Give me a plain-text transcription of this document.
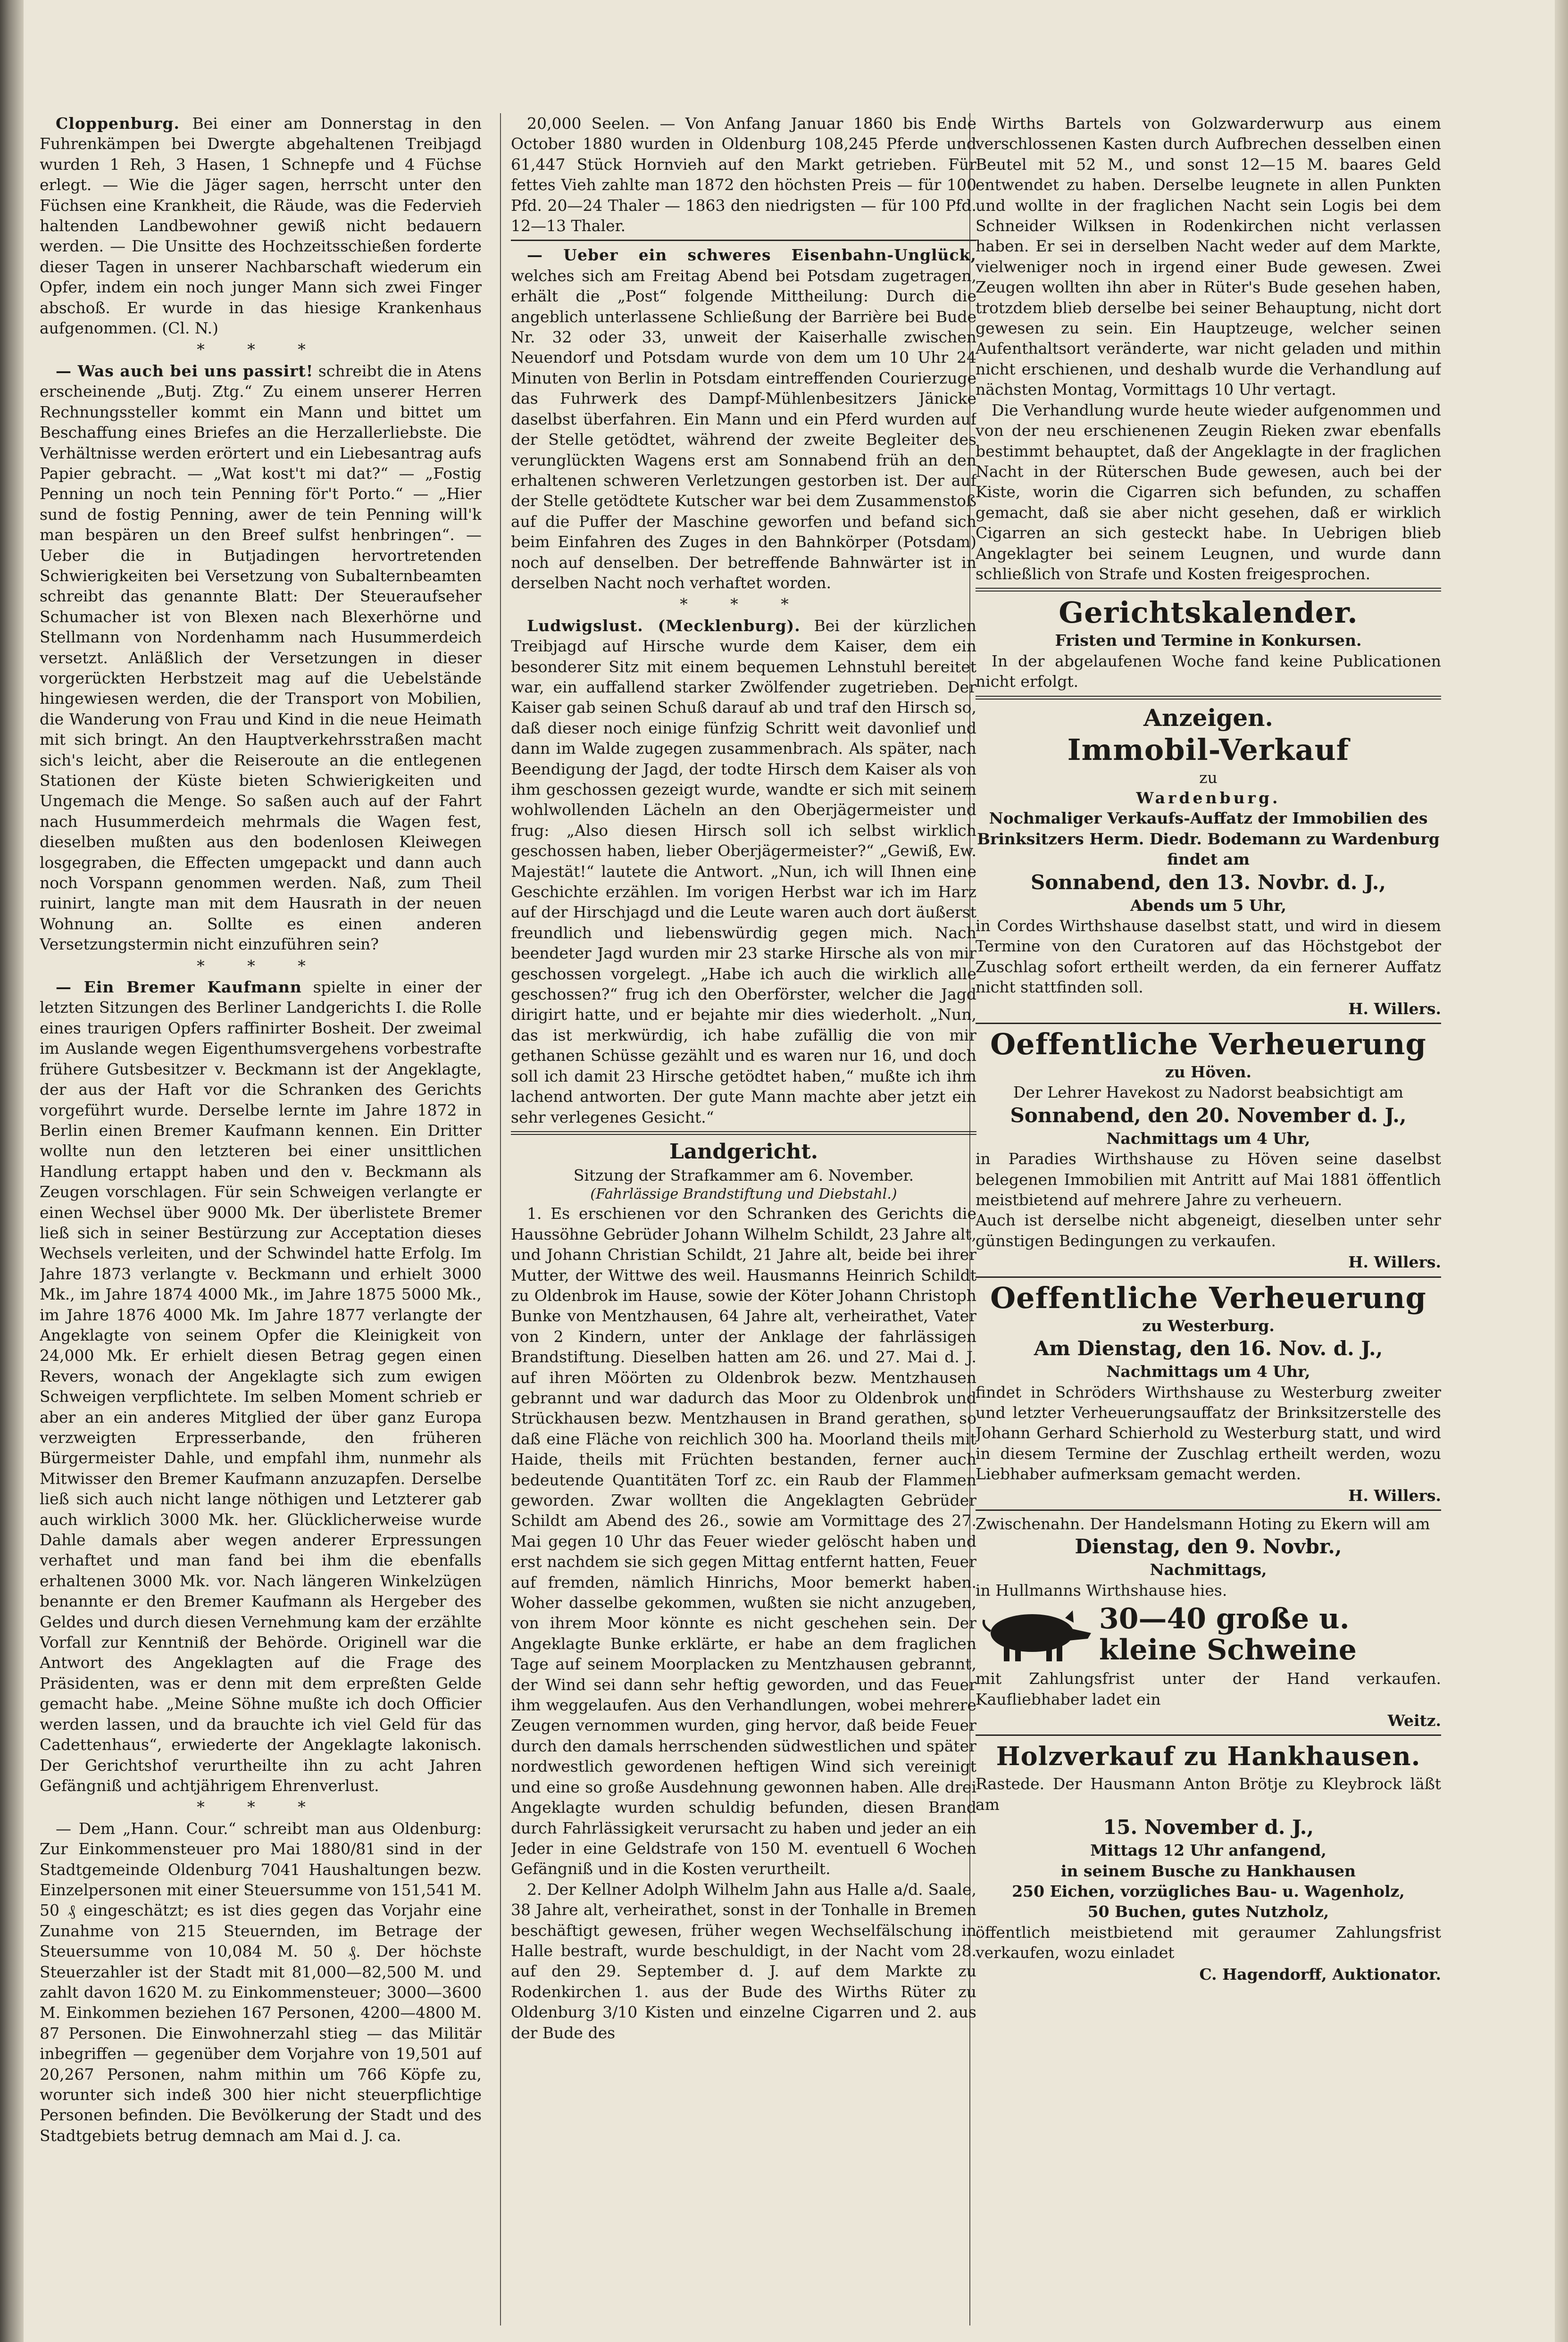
Cloppenburg. Bei einer am Donnerstag in den Fuhrenkämpen bei Dwergte abgehaltenen Treibjagd wurden 1 Reh, 3 Hasen, 1 Schnepfe und 4 Füchse erlegt. — Wie die Jäger sagen, herrscht unter den Füchsen eine Krankheit, die Räude, was die Federvieh haltenden Landbewohner gewiß nicht bedauern werden. — Die Unsitte des Hochzeitsschießen forderte dieser Tagen in unserer Nachbarschaft wiederum ein Opfer, indem ein noch junger Mann sich zwei Finger abschoß. Er wurde in das hiesige Krankenhaus aufgenommen. (Cl. N.)

* * *

— Was auch bei uns passirt! schreibt die in Atens erscheinende „Butj. Ztg.“ Zu einem unserer Herren Rechnungssteller kommt ein Mann und bittet um Beschaffung eines Briefes an die Herzallerliebste. Die Verhältnisse werden erörtert und ein Liebesantrag aufs Papier gebracht. — „Wat kost't mi dat?“ — „Fostig Penning un noch tein Penning för't Porto.“ — „Hier sund de fostig Penning, awer de tein Penning will'k man bespären un den Breef sulfst henbringen“. — Ueber die in Butjadingen hervortretenden Schwierigkeiten bei Versetzung von Subalternbeamten schreibt das genannte Blatt: Der Steueraufseher Schumacher ist von Blexen nach Blexerhörne und Stellmann von Nordenhamm nach Husummerdeich versetzt. Anläßlich der Versetzungen in dieser vorgerückten Herbstzeit mag auf die Uebelstände hingewiesen werden, die der Transport von Mobilien, die Wanderung von Frau und Kind in die neue Heimath mit sich bringt. An den Hauptverkehrsstraßen macht sich's leicht, aber die Reiseroute an die entlegenen Stationen der Küste bieten Schwierigkeiten und Ungemach die Menge. So saßen auch auf der Fahrt nach Husummerdeich mehrmals die Wagen fest, dieselben mußten aus den bodenlosen Kleiwegen losgegraben, die Effecten umgepackt und dann auch noch Vorspann genommen werden. Naß, zum Theil ruinirt, langte man mit dem Hausrath in der neuen Wohnung an. Sollte es einen anderen Versetzungstermin nicht einzuführen sein?

* * *

— Ein Bremer Kaufmann spielte in einer der letzten Sitzungen des Berliner Landgerichts I. die Rolle eines traurigen Opfers raffinirter Bosheit. Der zweimal im Auslande wegen Eigenthumsvergehens vorbestrafte frühere Gutsbesitzer v. Beckmann ist der Angeklagte, der aus der Haft vor die Schranken des Gerichts vorgeführt wurde. Derselbe lernte im Jahre 1872 in Berlin einen Bremer Kaufmann kennen. Ein Dritter wollte nun den letzteren bei einer unsittlichen Handlung ertappt haben und den v. Beckmann als Zeugen vorschlagen. Für sein Schweigen verlangte er einen Wechsel über 9000 Mk. Der überlistete Bremer ließ sich in seiner Bestürzung zur Acceptation dieses Wechsels verleiten, und der Schwindel hatte Erfolg. Im Jahre 1873 verlangte v. Beckmann und erhielt 3000 Mk., im Jahre 1874 4000 Mk., im Jahre 1875 5000 Mk., im Jahre 1876 4000 Mk. Im Jahre 1877 verlangte der Angeklagte von seinem Opfer die Kleinigkeit von 24,000 Mk. Er erhielt diesen Betrag gegen einen Revers, wonach der Angeklagte sich zum ewigen Schweigen verpflichtete. Im selben Moment schrieb er aber an ein anderes Mitglied der über ganz Europa verzweigten Erpresserbande, den früheren Bürgermeister Dahle, und empfahl ihm, nunmehr als Mitwisser den Bremer Kaufmann anzuzapfen. Derselbe ließ sich auch nicht lange nöthigen und Letzterer gab auch wirklich 3000 Mk. her. Glücklicherweise wurde Dahle damals aber wegen anderer Erpressungen verhaftet und man fand bei ihm die ebenfalls erhaltenen 3000 Mk. vor. Nach längeren Winkelzügen benannte er den Bremer Kaufmann als Hergeber des Geldes und durch diesen Vernehmung kam der erzählte Vorfall zur Kenntniß der Behörde. Originell war die Antwort des Angeklagten auf die Frage des Präsidenten, was er denn mit dem erpreßten Gelde gemacht habe. „Meine Söhne mußte ich doch Officier werden lassen, und da brauchte ich viel Geld für das Cadettenhaus“, erwiederte der Angeklagte lakonisch. Der Gerichtshof verurtheilte ihn zu acht Jahren Gefängniß und achtjährigem Ehrenverlust.

* * *

— Dem „Hann. Cour.“ schreibt man aus Oldenburg: Zur Einkommensteuer pro Mai 1880/81 sind in der Stadtgemeinde Oldenburg 7041 Haushaltungen bezw. Einzelpersonen mit einer Steuersumme von 151,541 M. 50 ₰ eingeschätzt; es ist dies gegen das Vorjahr eine Zunahme von 215 Steuernden, im Betrage der Steuersumme von 10,084 M. 50 ₰. Der höchste Steuerzahler ist der Stadt mit 81,000—82,500 M. und zahlt davon 1620 M. zu Einkommensteuer; 3000—3600 M. Einkommen beziehen 167 Personen, 4200—4800 M. 87 Personen. Die Einwohnerzahl stieg — das Militär inbegriffen — gegenüber dem Vorjahre von 19,501 auf 20,267 Personen, nahm mithin um 766 Köpfe zu, worunter sich indeß 300 hier nicht steuerpflichtige Personen befinden. Die Bevölkerung der Stadt und des Stadtgebiets betrug demnach am Mai d. J. ca.

20,000 Seelen. — Von Anfang Januar 1860 bis Ende October 1880 wurden in Oldenburg 108,245 Pferde und 61,447 Stück Hornvieh auf den Markt getrieben. Für fettes Vieh zahlte man 1872 den höchsten Preis — für 100 Pfd. 20—24 Thaler — 1863 den niedrigsten — für 100 Pfd. 12—13 Thaler.

— Ueber ein schweres Eisenbahn-Unglück, welches sich am Freitag Abend bei Potsdam zugetragen, erhält die „Post“ folgende Mittheilung: Durch die angeblich unterlassene Schließung der Barrière bei Bude Nr. 32 oder 33, unweit der Kaiserhalle zwischen Neuendorf und Potsdam wurde von dem um 10 Uhr 24 Minuten von Berlin in Potsdam eintreffenden Courierzuge das Fuhrwerk des Dampf-Mühlenbesitzers Jänicke daselbst überfahren. Ein Mann und ein Pferd wurden auf der Stelle getödtet, während der zweite Begleiter des verunglückten Wagens erst am Sonnabend früh an den erhaltenen schweren Verletzungen gestorben ist. Der auf der Stelle getödtete Kutscher war bei dem Zusammenstoß auf die Puffer der Maschine geworfen und befand sich beim Einfahren des Zuges in den Bahnkörper (Potsdam) noch auf denselben. Der betreffende Bahnwärter ist in derselben Nacht noch verhaftet worden.

* * *

Ludwigslust. (Mecklenburg). Bei der kürzlichen Treibjagd auf Hirsche wurde dem Kaiser, dem ein besonderer Sitz mit einem bequemen Lehnstuhl bereitet war, ein auffallend starker Zwölfender zugetrieben. Der Kaiser gab seinen Schuß darauf ab und traf den Hirsch so, daß dieser noch einige fünfzig Schritt weit davonlief und dann im Walde zugegen zusammenbrach. Als später, nach Beendigung der Jagd, der todte Hirsch dem Kaiser als von ihm geschossen gezeigt wurde, wandte er sich mit seinem wohlwollenden Lächeln an den Oberjägermeister und frug: „Also diesen Hirsch soll ich selbst wirklich geschossen haben, lieber Oberjägermeister?“ „Gewiß, Ew. Majestät!“ lautete die Antwort. „Nun, ich will Ihnen eine Geschichte erzählen. Im vorigen Herbst war ich im Harz auf der Hirschjagd und die Leute waren auch dort äußerst freundlich und liebenswürdig gegen mich. Nach beendeter Jagd wurden mir 23 starke Hirsche als von mir geschossen vorgelegt. „Habe ich auch die wirklich alle geschossen?“ frug ich den Oberförster, welcher die Jagd dirigirt hatte, und er bejahte mir dies wiederholt. „Nun, das ist merkwürdig, ich habe zufällig die von mir gethanen Schüsse gezählt und es waren nur 16, und doch soll ich damit 23 Hirsche getödtet haben,“ mußte ich ihm lachend antworten. Der gute Mann machte aber jetzt ein sehr verlegenes Gesicht.“

Landgericht.
Sitzung der Strafkammer am 6. November.
(Fahrlässige Brandstiftung und Diebstahl.)

1. Es erschienen vor den Schranken des Gerichts die Haussöhne Gebrüder Johann Wilhelm Schildt, 23 Jahre alt, und Johann Christian Schildt, 21 Jahre alt, beide bei ihrer Mutter, der Wittwe des weil. Hausmanns Heinrich Schildt zu Oldenbrok im Hause, sowie der Köter Johann Christoph Bunke von Mentzhausen, 64 Jahre alt, verheirathet, Vater von 2 Kindern, unter der Anklage der fahrlässigen Brandstiftung. Dieselben hatten am 26. und 27. Mai d. J. auf ihren Möörten zu Oldenbrok bezw. Mentzhausen gebrannt und war dadurch das Moor zu Oldenbrok und Strückhausen bezw. Mentzhausen in Brand gerathen, so daß eine Fläche von reichlich 300 ha. Moorland theils mit Haide, theils mit Früchten bestanden, ferner auch bedeutende Quantitäten Torf zc. ein Raub der Flammen geworden. Zwar wollten die Angeklagten Gebrüder Schildt am Abend des 26., sowie am Vormittage des 27. Mai gegen 10 Uhr das Feuer wieder gelöscht haben und erst nachdem sie sich gegen Mittag entfernt hatten, Feuer auf fremden, nämlich Hinrichs, Moor bemerkt haben. Woher dasselbe gekommen, wußten sie nicht anzugeben, von ihrem Moor könnte es nicht geschehen sein. Der Angeklagte Bunke erklärte, er habe an dem fraglichen Tage auf seinem Moorplacken zu Mentzhausen gebrannt, der Wind sei dann sehr heftig geworden, und das Feuer ihm weggelaufen. Aus den Verhandlungen, wobei mehrere Zeugen vernommen wurden, ging hervor, daß beide Feuer durch den damals herrschenden südwestlichen und später nordwestlich gewordenen heftigen Wind sich vereinigt und eine so große Ausdehnung gewonnen haben. Alle drei Angeklagte wurden schuldig befunden, diesen Brand durch Fahrlässigkeit verursacht zu haben und jeder an ein Jeder in eine Geldstrafe von 150 M. eventuell 6 Wochen Gefängniß und in die Kosten verurtheilt.

2. Der Kellner Adolph Wilhelm Jahn aus Halle a/d. Saale, 38 Jahre alt, verheirathet, sonst in der Tonhalle in Bremen beschäftigt gewesen, früher wegen Wechselfälschung in Halle bestraft, wurde beschuldigt, in der Nacht vom 28. auf den 29. September d. J. auf dem Markte zu Rodenkirchen 1. aus der Bude des Wirths Rüter zu Oldenburg 3/10 Kisten und einzelne Cigarren und 2. aus der Bude des

Wirths Bartels von Golzwarderwurp aus einem verschlossenen Kasten durch Aufbrechen desselben einen Beutel mit 52 M., und sonst 12—15 M. baares Geld entwendet zu haben. Derselbe leugnete in allen Punkten und wollte in der fraglichen Nacht sein Logis bei dem Schneider Wilksen in Rodenkirchen nicht verlassen haben. Er sei in derselben Nacht weder auf dem Markte, vielweniger noch in irgend einer Bude gewesen. Zwei Zeugen wollten ihn aber in Rüter's Bude gesehen haben, trotzdem blieb derselbe bei seiner Behauptung, nicht dort gewesen zu sein. Ein Hauptzeuge, welcher seinen Aufenthaltsort veränderte, war nicht geladen und mithin nicht erschienen, und deshalb wurde die Verhandlung auf nächsten Montag, Vormittags 10 Uhr vertagt.

Die Verhandlung wurde heute wieder aufgenommen und von der neu erschienenen Zeugin Rieken zwar ebenfalls bestimmt behauptet, daß der Angeklagte in der fraglichen Nacht in der Rüterschen Bude gewesen, auch bei der Kiste, worin die Cigarren sich befunden, zu schaffen gemacht, daß sie aber nicht gesehen, daß er wirklich Cigarren an sich gesteckt habe. In Uebrigen blieb Angeklagter bei seinem Leugnen, und wurde dann schließlich von Strafe und Kosten freigesprochen.

Gerichtskalender.
Fristen und Termine in Konkursen.

In der abgelaufenen Woche fand keine Publicationen nicht erfolgt.

Anzeigen.
Immobil-Verkauf
zu
Wardenburg.

Nochmaliger Verkaufs-Auffatz der Immobilien des Brinksitzers Herm. Diedr. Bodemann zu Wardenburg findet am

Sonnabend, den 13. Novbr. d. J.,
Abends um 5 Uhr,

in Cordes Wirthshause daselbst statt, und wird in diesem Termine von den Curatoren auf das Höchstgebot der Zuschlag sofort ertheilt werden, da ein fernerer Auffatz nicht stattfinden soll.

H. Willers.
Oeffentliche Verheuerung
zu Höven.

Der Lehrer Havekost zu Nadorst beabsichtigt am

Sonnabend, den 20. November d. J.,
Nachmittags um 4 Uhr,

in Paradies Wirthshause zu Höven seine daselbst belegenen Immobilien mit Antritt auf Mai 1881 öffentlich meistbietend auf mehrere Jahre zu verheuern.

Auch ist derselbe nicht abgeneigt, dieselben unter sehr günstigen Bedingungen zu verkaufen.

H. Willers.
Oeffentliche Verheuerung
zu Westerburg.
Am Dienstag, den 16. Nov. d. J.,
Nachmittags um 4 Uhr,

findet in Schröders Wirthshause zu Westerburg zweiter und letzter Verheuerungsauffatz der Brinksitzerstelle des Johann Gerhard Schierhold zu Westerburg statt, und wird in diesem Termine der Zuschlag ertheilt werden, wozu Liebhaber aufmerksam gemacht werden.

H. Willers.

Zwischenahn. Der Handelsmann Hoting zu Ekern will am

Dienstag, den 9. Novbr.,
Nachmittags,

in Hullmanns Wirthshause hies.

30—40 große u.
kleine Schweine

mit Zahlungsfrist unter der Hand verkaufen. Kaufliebhaber ladet ein

Weitz.
Holzverkauf zu Hankhausen.

Rastede. Der Hausmann Anton Brötje zu Kleybrock läßt am

15. November d. J.,
Mittags 12 Uhr anfangend,
in seinem Busche zu Hankhausen
250 Eichen, vorzügliches Bau- u. Wagenholz,
50 Buchen, gutes Nutzholz,

öffentlich meistbietend mit geraumer Zahlungsfrist verkaufen, wozu einladet

C. Hagendorff, Auktionator.
